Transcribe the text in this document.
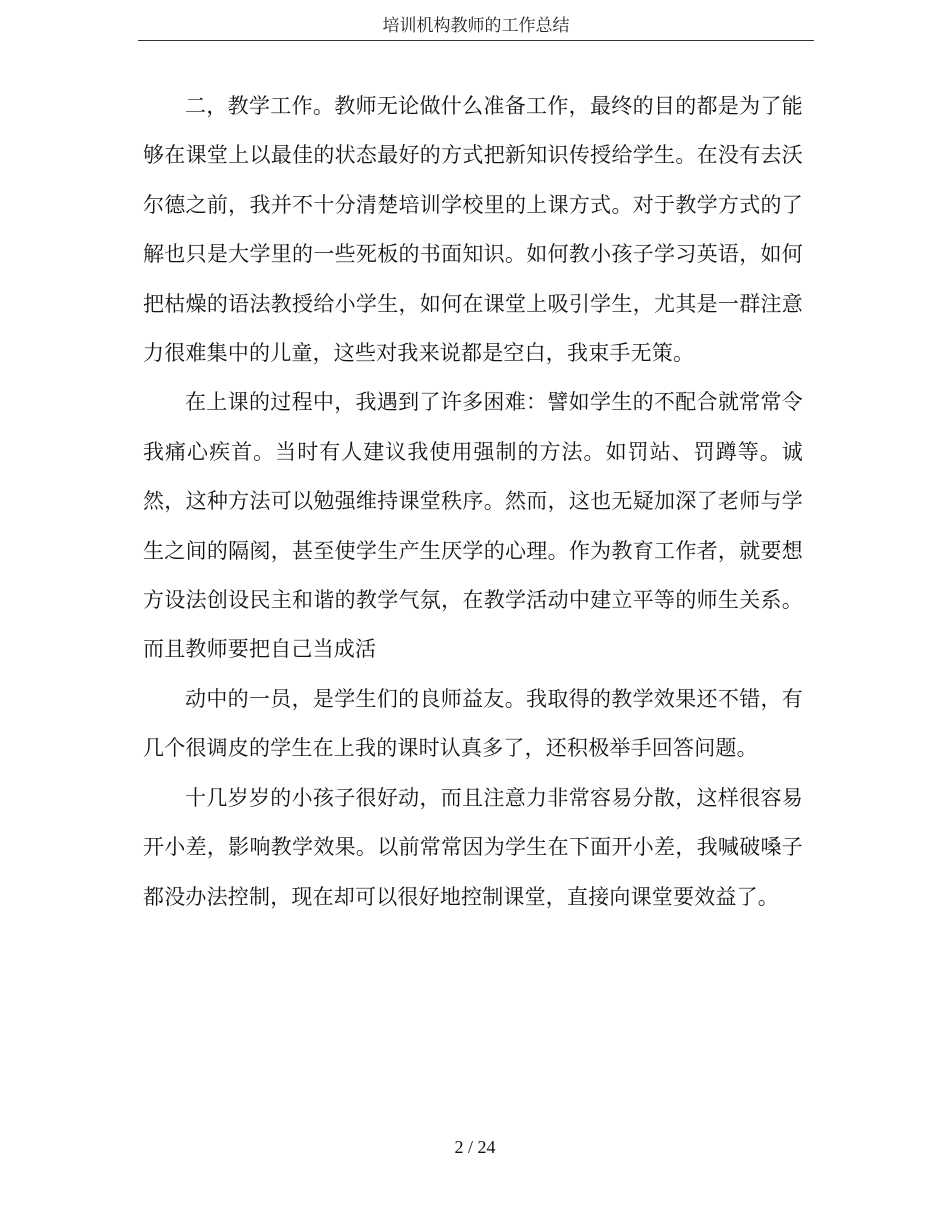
培训机构教师的工作总结

二，教学工作。教师无论做什么准备工作，最终的目的都是为了能够在课堂上以最佳的状态最好的方式把新知识传授给学生。在没有去沃尔德之前，我并不十分清楚培训学校里的上课方式。对于教学方式的了解也只是大学里的一些死板的书面知识。如何教小孩子学习英语，如何把枯燥的语法教授给小学生，如何在课堂上吸引学生，尤其是一群注意力很难集中的儿童，这些对我来说都是空白，我束手无策。

在上课的过程中，我遇到了许多困难：譬如学生的不配合就常常令我痛心疾首。当时有人建议我使用强制的方法。如罚站、罚蹲等。诚然，这种方法可以勉强维持课堂秩序。然而，这也无疑加深了老师与学生之间的隔阂，甚至使学生产生厌学的心理。作为教育工作者，就要想方设法创设民主和谐的教学气氛，在教学活动中建立平等的师生关系。而且教师要把自己当成活

动中的一员，是学生们的良师益友。我取得的教学效果还不错，有几个很调皮的学生在上我的课时认真多了，还积极举手回答问题。

十几岁岁的小孩子很好动，而且注意力非常容易分散，这样很容易开小差，影响教学效果。以前常常因为学生在下面开小差，我喊破嗓子都没办法控制，现在却可以很好地控制课堂，直接向课堂要效益了。

2 / 24
